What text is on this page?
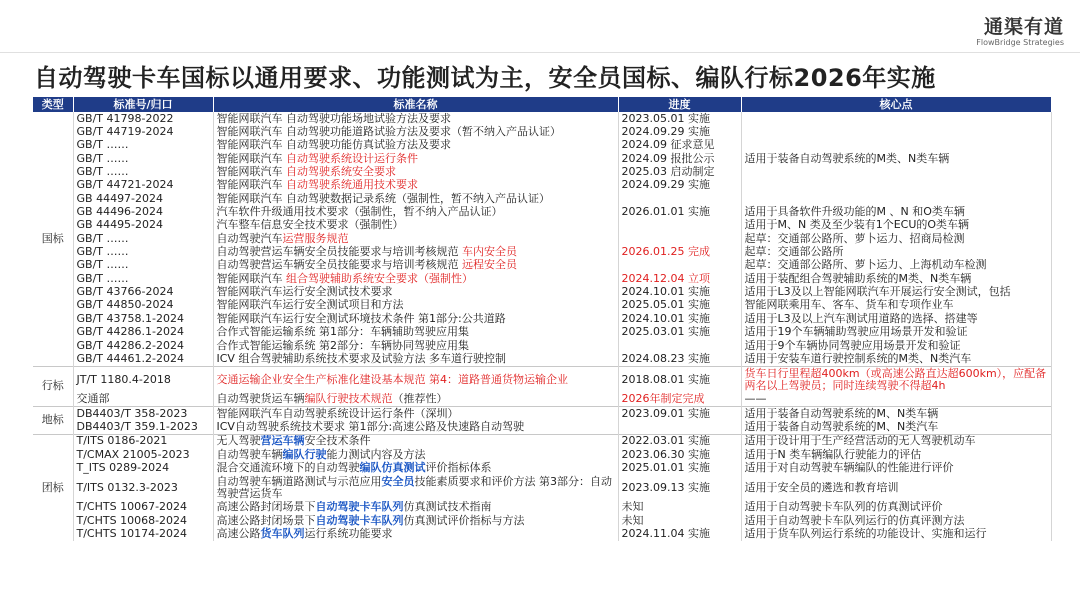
通渠有道
FlowBridge Strategies
自动驾驶卡车国标以通用要求、功能测试为主，安全员国标、编队行标2026年实施
类型	标准号/归口	标准名称	进度	核心点
国标	GB/T 41798-2022	智能网联汽车 自动驾驶功能场地试验方法及要求	2023.05.01 实施	
	GB/T 44719-2024	智能网联汽车 自动驾驶功能道路试验方法及要求（暂不纳入产品认证）	2024.09.29 实施	
	GB/T ……	智能网联汽车 自动驾驶功能仿真试验方法及要求	2024.09 征求意见	
	GB/T ……	智能网联汽车 自动驾驶系统设计运行条件	2024.09 报批公示	适用于装备自动驾驶系统的M类、N类车辆
	GB/T ……	智能网联汽车 自动驾驶系统安全要求	2025.03 启动制定	
	GB/T 44721-2024	智能网联汽车 自动驾驶系统通用技术要求	2024.09.29 实施	
	GB 44497-2024	智能网联汽车 自动驾驶数据记录系统（强制性，暂不纳入产品认证）		
	GB 44496-2024	汽车软件升级通用技术要求（强制性，暂不纳入产品认证）	2026.01.01 实施	适用于具备软件升级功能的M 、N 和O类车辆
	GB 44495-2024	汽车整车信息安全技术要求（强制性）		适用于M、N 类及至少装有1个ECU的O类车辆
	GB/T ……	自动驾驶汽车运营服务规范		起草：交通部公路所、萝卜运力、招商局检测
	GB/T ……	自动驾驶营运车辆安全员技能要求与培训考核规范 车内安全员	2026.01.25 完成	起草：交通部公路所
	GB/T ……	自动驾驶营运车辆安全员技能要求与培训考核规范 远程安全员		起草：交通部公路所、萝卜运力、上海机动车检测
	GB/T ……	智能网联汽车 组合驾驶辅助系统安全要求（强制性）	2024.12.04 立项	适用于装配组合驾驶辅助系统的M类、N类车辆
	GB/T 43766-2024	智能网联汽车运行安全测试技术要求	2024.10.01 实施	适用于L3及以上智能网联汽车开展运行安全测试，包括
	GB/T 44850-2024	智能网联汽车运行安全测试项目和方法	2025.05.01 实施	智能网联乘用车、客车、货车和专项作业车
	GB/T 43758.1-2024	智能网联汽车运行安全测试环境技术条件 第1部分:公共道路	2024.10.01 实施	适用于L3及以上汽车测试用道路的选择、搭建等
	GB/T 44286.1-2024	合作式智能运输系统 第1部分：车辆辅助驾驶应用集	2025.03.01 实施	适用于19个车辆辅助驾驶应用场景开发和验证
	GB/T 44286.2-2024	合作式智能运输系统 第2部分：车辆协同驾驶应用集		适用于9个车辆协同驾驶应用场景开发和验证
	GB/T 44461.2-2024	ICV 组合驾驶辅助系统技术要求及试验方法 多车道行驶控制	2024.08.23 实施	适用于安装车道行驶控制系统的M类、N类汽车
行标	JT/T 1180.4-2018	交通运输企业安全生产标准化建设基本规范 第4：道路普通货物运输企业	2018.08.01 实施	货车日行里程超400km（或高速公路直达超600km），应配备两名以上驾驶员；同时连续驾驶不得超4h
	交通部	自动驾驶货运车辆编队行驶技术规范（推荐性）	2026年制定完成	——
地标	DB4403/T 358-2023	智能网联汽车自动驾驶系统设计运行条件（深圳）	2023.09.01 实施	适用于装备自动驾驶系统的M、N类车辆
	DB4403/T 359.1-2023	ICV自动驾驶系统技术要求 第1部分:高速公路及快速路自动驾驶		适用于装备自动驾驶系统的M、N类汽车
团标	T/ITS 0186-2021	无人驾驶营运车辆安全技术条件	2022.03.01 实施	适用于设计用于生产经营活动的无人驾驶机动车
	T/CMAX 21005-2023	自动驾驶车辆编队行驶能力测试内容及方法	2023.06.30 实施	适用于N 类车辆编队行驶能力的评估
	T_ITS 0289-2024	混合交通流环境下的自动驾驶编队仿真测试评价指标体系	2025.01.01 实施	适用于对自动驾驶车辆编队的性能进行评价
	T/ITS 0132.3-2023	自动驾驶车辆道路测试与示范应用安全员技能素质要求和评价方法 第3部分：自动驾驶营运货车	2023.09.13 实施	适用于安全员的遴选和教育培训
	T/CHTS 10067-2024	高速公路封闭场景下自动驾驶卡车队列仿真测试技术指南	未知	适用于自动驾驶卡车队列的仿真测试评价
	T/CHTS 10068-2024	高速公路封闭场景下自动驾驶卡车队列仿真测试评价指标与方法	未知	适用于自动驾驶卡车队列运行的仿真评测方法
	T/CHTS 10174-2024	高速公路货车队列运行系统功能要求	2024.11.04 实施	适用于货车队列运行系统的功能设计、实施和运行
